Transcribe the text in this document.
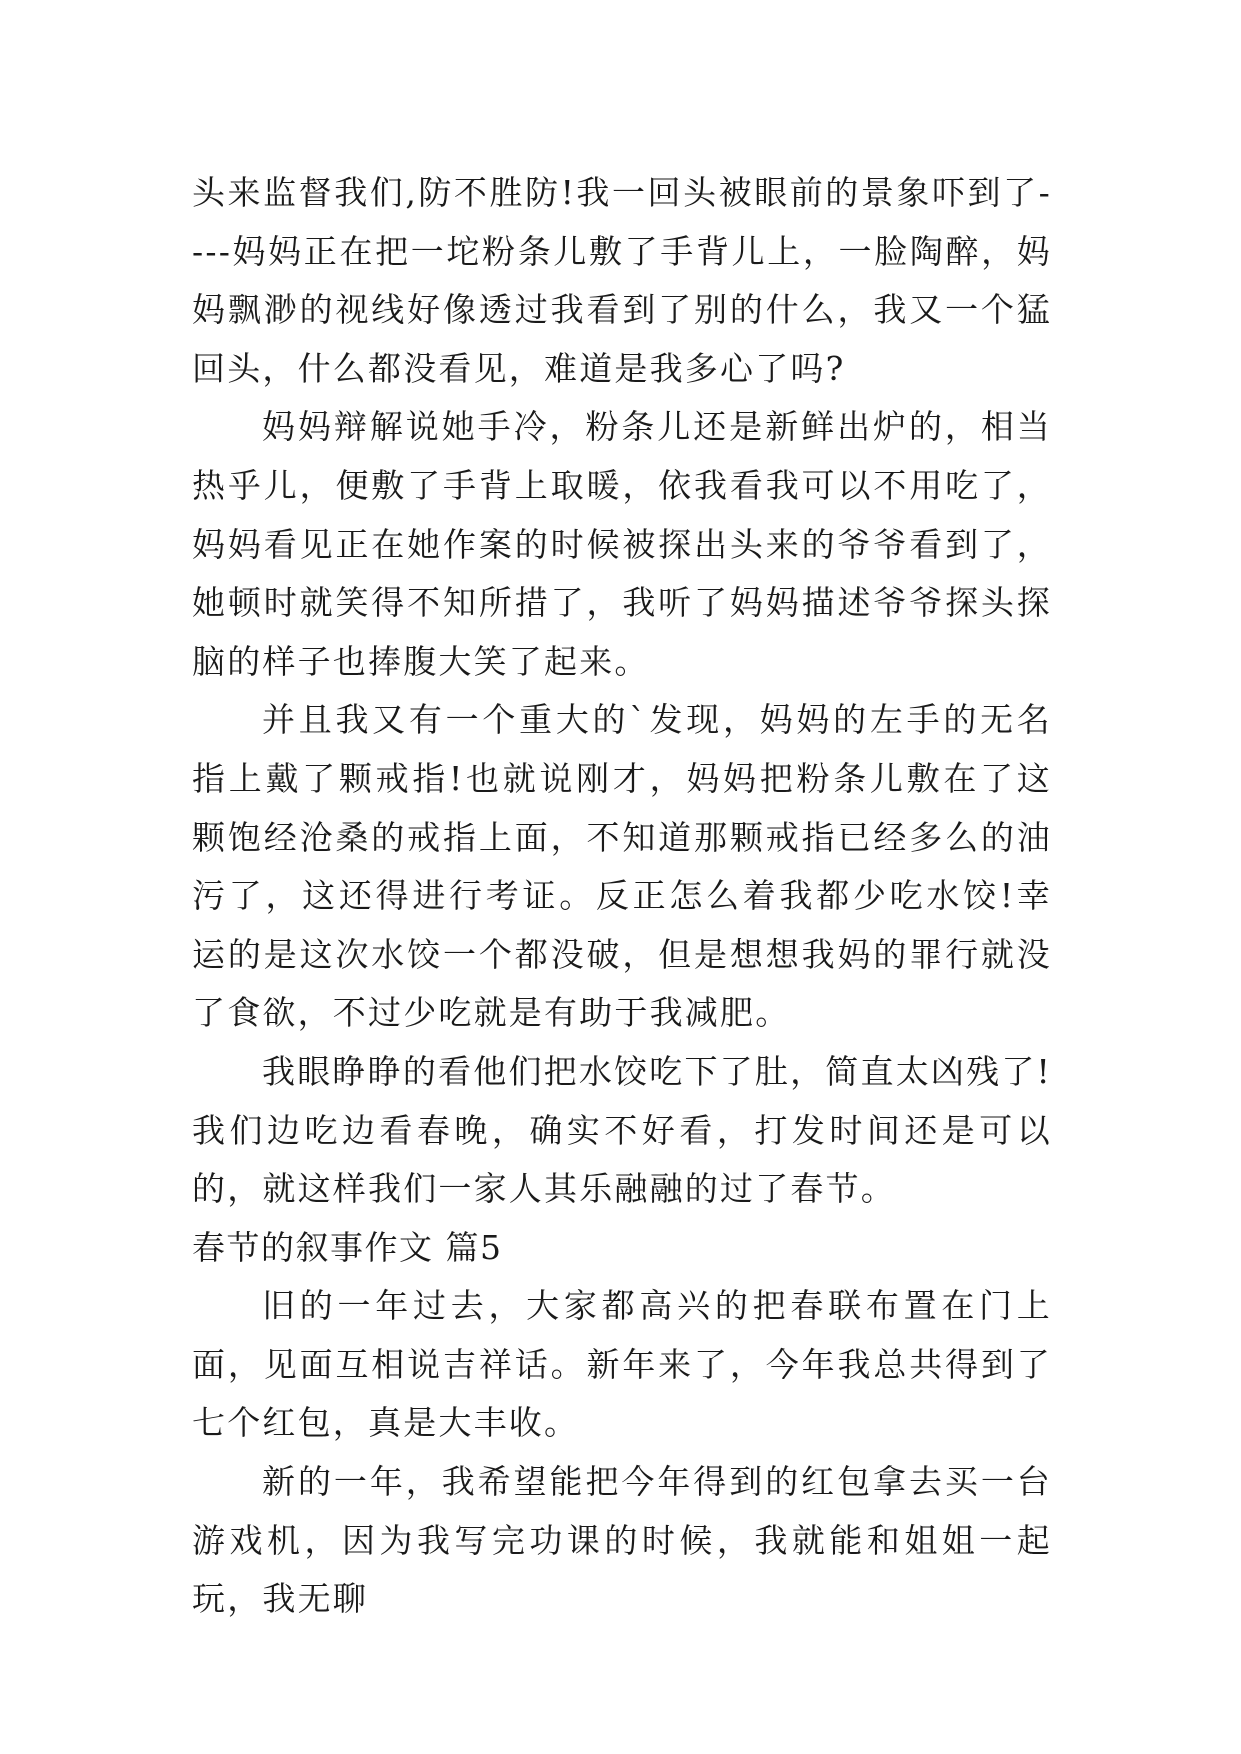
头来监督我们,防不胜防!我一回头被眼前的景象吓到了----妈妈正在把一坨粉条儿敷了手背儿上，一脸陶醉，妈妈飘渺的视线好像透过我看到了别的什么，我又一个猛回头，什么都没看见，难道是我多心了吗?

妈妈辩解说她手冷，粉条儿还是新鲜出炉的，相当热乎儿，便敷了手背上取暖，依我看我可以不用吃了，妈妈看见正在她作案的时候被探出头来的爷爷看到了，她顿时就笑得不知所措了，我听了妈妈描述爷爷探头探脑的样子也捧腹大笑了起来。

并且我又有一个重大的`发现，妈妈的左手的无名指上戴了颗戒指!也就说刚才，妈妈把粉条儿敷在了这颗饱经沧桑的戒指上面，不知道那颗戒指已经多么的油污了，这还得进行考证。反正怎么着我都少吃水饺!幸运的是这次水饺一个都没破，但是想想我妈的罪行就没了食欲，不过少吃就是有助于我减肥。

我眼睁睁的看他们把水饺吃下了肚，简直太凶残了!我们边吃边看春晚，确实不好看，打发时间还是可以的，就这样我们一家人其乐融融的过了春节。

春节的叙事作文 篇5

旧的一年过去，大家都高兴的把春联布置在门上面，见面互相说吉祥话。新年来了，今年我总共得到了七个红包，真是大丰收。

新的一年，我希望能把今年得到的红包拿去买一台游戏机，因为我写完功课的时候，我就能和姐姐一起玩，我无聊
